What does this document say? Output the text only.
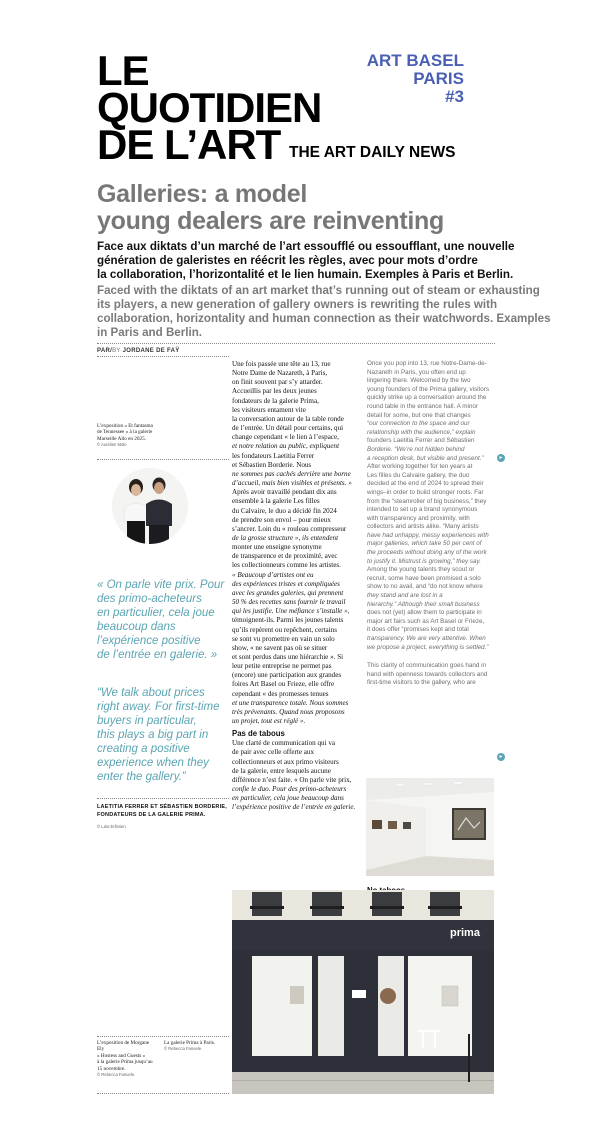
LE
QUOTIDIEN
DE L’ART THE ART DAILY NEWS
ART BASEL
PARIS
#3
Galleries: a model
young dealers are reinventing
Face aux diktats d’un marché de l’art essoufflé ou essoufflant, une nouvelle
génération de galeristes en réécrit les règles, avec pour mots d’ordre
la collaboration, l’horizontalité et le lien humain. Exemples à Paris et Berlin.
Faced with the diktats of an art market that’s running out of steam or exhausting
its players, a new generation of gallery owners is rewriting the rules with
collaboration, horizontality and human connection as their watchwords. Examples
in Paris and Berlin.
PAR/BY JORDANE DE FAŸ
L’exposition « Et fantasma
de Tennessee » à la galerie
Marseille Allo en 2025.
© Aurélien Mole
« On parle vite prix. Pour
des primo-acheteurs
en particulier, cela joue
beaucoup dans
l’expérience positive
de l’entrée en galerie. »
“We talk about prices
right away. For first-time
buyers in particular,
this plays a big part in
creating a positive
experience when they
enter the gallery.”
LAETITIA FERRER ET SÉBASTIEN BORDERIE,
FONDATEURS DE LA GALERIE PRIMA.
© Laïa Erlinsen
Une fois passée une tête au 13, rue
Notre Dame de Nazareth, à Paris,
on finit souvent par s’y attarder.
Accueillis par les deux jeunes
fondateurs de la galerie Prima,
les visiteurs entament vite
la conversation autour de la table ronde
de l’entrée. Un détail pour certains, qui
change cependant « le lien à l’espace,
et notre relation au public, expliquent
les fondateurs Laetitia Ferrer
et Sébastien Borderie. Nous
ne sommes pas cachés derrière une borne
d’accueil, mais bien visibles et présents. »
Après avoir travaillé pendant dix ans
ensemble à la galerie Les filles
du Calvaire, le duo a décidé fin 2024
de prendre son envol – pour mieux
s’ancrer. Loin du « rouleau compresseur
de la grosse structure », ils entendent
monter une enseigne synonyme
de transparence et de proximité, avec
les collectionneurs comme les artistes.
« Beaucoup d’artistes ont eu
des expériences tristes et compliquées
avec les grandes galeries, qui prennent
50 % des recettes sans fournir le travail
qui les justifie. Une méfiance s’installe »,
témoignent-ils. Parmi les jeunes talents
qu’ils repèrent ou repêchent, certains
se sont vu promettre en vain un solo
show, « ne savent pas où se situer
et sont perdus dans une hiérarchie ». Si
leur petite entreprise ne permet pas
(encore) une participation aux grandes
foires Art Basel ou Frieze, elle offre
cependant « des promesses tenues
et une transparence totale. Nous sommes
très prévenants. Quand nous proposons
un projet, tout est réglé ».
Pas de tabous
Une clarté de communication qui va
de pair avec celle offerte aux
collectionneurs et aux primo visiteurs
de la galerie, entre lesquels aucune
différence n’est faite. « On parle vite prix,
confie le duo. Pour des primo-acheteurs
en particulier, cela joue beaucoup dans
l’expérience positive de l’entrée en galerie.
Once you pop into 13, rue Notre-Dame-de-
Nazareth in Paris, you often end up
lingering there. Welcomed by the two
young founders of the Prima gallery, visitors
quickly strike up a conversation around the
round table in the entrance hall. A minor
detail for some, but one that changes
“our connection to the space and our
relationship with the audience,” explain
founders Laetitia Ferrer and Sébastien
Borderie. “We’re not hidden behind
a reception desk, but visible and present.”
After working together for ten years at
Les filles du Calvaire gallery, the duo
decided at the end of 2024 to spread their
wings–in order to build stronger roots. Far
from the “steamroller of big business,” they
intended to set up a brand synonymous
with transparency and proximity, with
collectors and artists alike. “Many artists
have had unhappy, messy experiences with
major galleries, which take 50 per cent of
the proceeds without doing any of the work
to justify it. Mistrust is growing,” they say.
Among the young talents they scout or
recruit, some have been promised a solo
show to no avail, and “do not know where
they stand and are lost in a
hierarchy.” Although their small business
does not (yet) allow them to participate in
major art fairs such as Art Basel or Frieze,
it does offer “promises kept and total
transparency. We are very attentive. When
we propose a project, everything is settled.”
This clarity of communication goes hand in
hand with openness towards collectors and
first-time visitors to the gallery, who are
▸
▸
prima
L’exposition de Morgane Ely
« Hostess and Guests »
à la galerie Prima jusqu’au
15 novembre.
© Rebecca Fanuele.
La galerie Prima à Paris.
© Rebecca Fanuele.
